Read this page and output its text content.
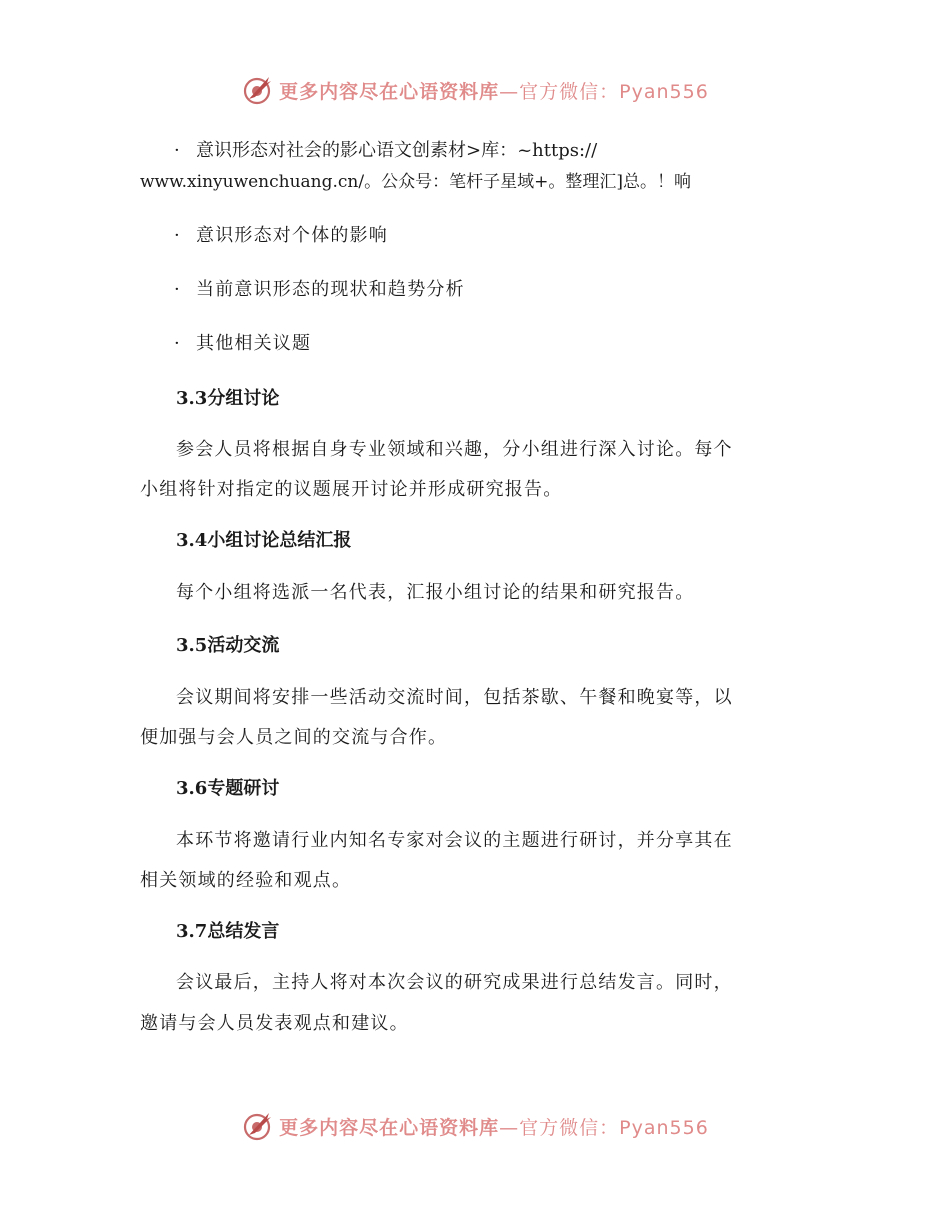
更多内容尽在心语资料库—官方微信：Pyan556
· 意识形态对社会的影心语文创素材>库：~https://
www.xinyuwenchuang.cn/。公众号：笔杆子星域+。整理汇]总。！响
· 意识形态对个体的影响
· 当前意识形态的现状和趋势分析
· 其他相关议题
3.3分组讨论
参会人员将根据自身专业领域和兴趣，分小组进行深入讨论。每个
小组将针对指定的议题展开讨论并形成研究报告。
3.4小组讨论总结汇报
每个小组将选派一名代表，汇报小组讨论的结果和研究报告。
3.5活动交流
会议期间将安排一些活动交流时间，包括茶歇、午餐和晚宴等，以
便加强与会人员之间的交流与合作。
3.6专题研讨
本环节将邀请行业内知名专家对会议的主题进行研讨，并分享其在
相关领域的经验和观点。
3.7总结发言
会议最后，主持人将对本次会议的研究成果进行总结发言。同时，
邀请与会人员发表观点和建议。
更多内容尽在心语资料库—官方微信：Pyan556
